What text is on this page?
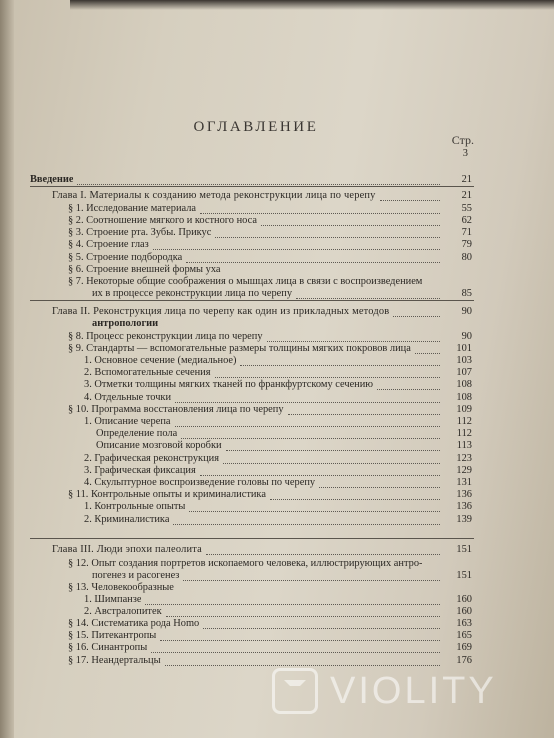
ОГЛАВЛЕНИЕ
Стр.
3
Введение	21
Глава I. Материалы к созданию метода реконструкции лица по черепу	21
§ 1. Исследование материала	55
§ 2. Соотношение мягкого и костного носа	62
§ 3. Строение рта. Зубы. Прикус	71
§ 4. Строение глаз	79
§ 5. Строение подбородка	80
§ 6. Строение внешней формы уха
§ 7. Некоторые общие соображения о мышцах лица в связи с воспроизведением
их в процессе реконструкции лица по черепу	85
Глава II. Реконструкция лица по черепу как один из прикладных методов	90
антропологии
§ 8. Процесс реконструкции лица по черепу	90
§ 9. Стандарты — вспомогательные размеры толщины мягких покровов лица	101
1. Основное сечение (медиальное)	103
2. Вспомогательные сечения	107
3. Отметки толщины мягких тканей по франкфуртскому сечению	108
4. Отдельные точки	108
§ 10. Программа восстановления лица по черепу	109
1. Описание черепа	112
Определение пола	112
Описание мозговой коробки	113
2. Графическая реконструкция	123
3. Графическая фиксация	129
4. Скульптурное воспроизведение головы по черепу	131
§ 11. Контрольные опыты и криминалистика	136
1. Контрольные опыты	136
2. Криминалистика	139
Глава III. Люди эпохи палеолита	151
§ 12. Опыт создания портретов ископаемого человека, иллюстрирующих антро-
погенез и расогенез	151
§ 13. Человекообразные
1. Шимпанзе	160
2. Австралопитек	160
§ 14. Систематика рода Homo	163
§ 15. Питекантропы	165
§ 16. Синантропы	169
§ 17. Неандертальцы	176
VIOLITY
